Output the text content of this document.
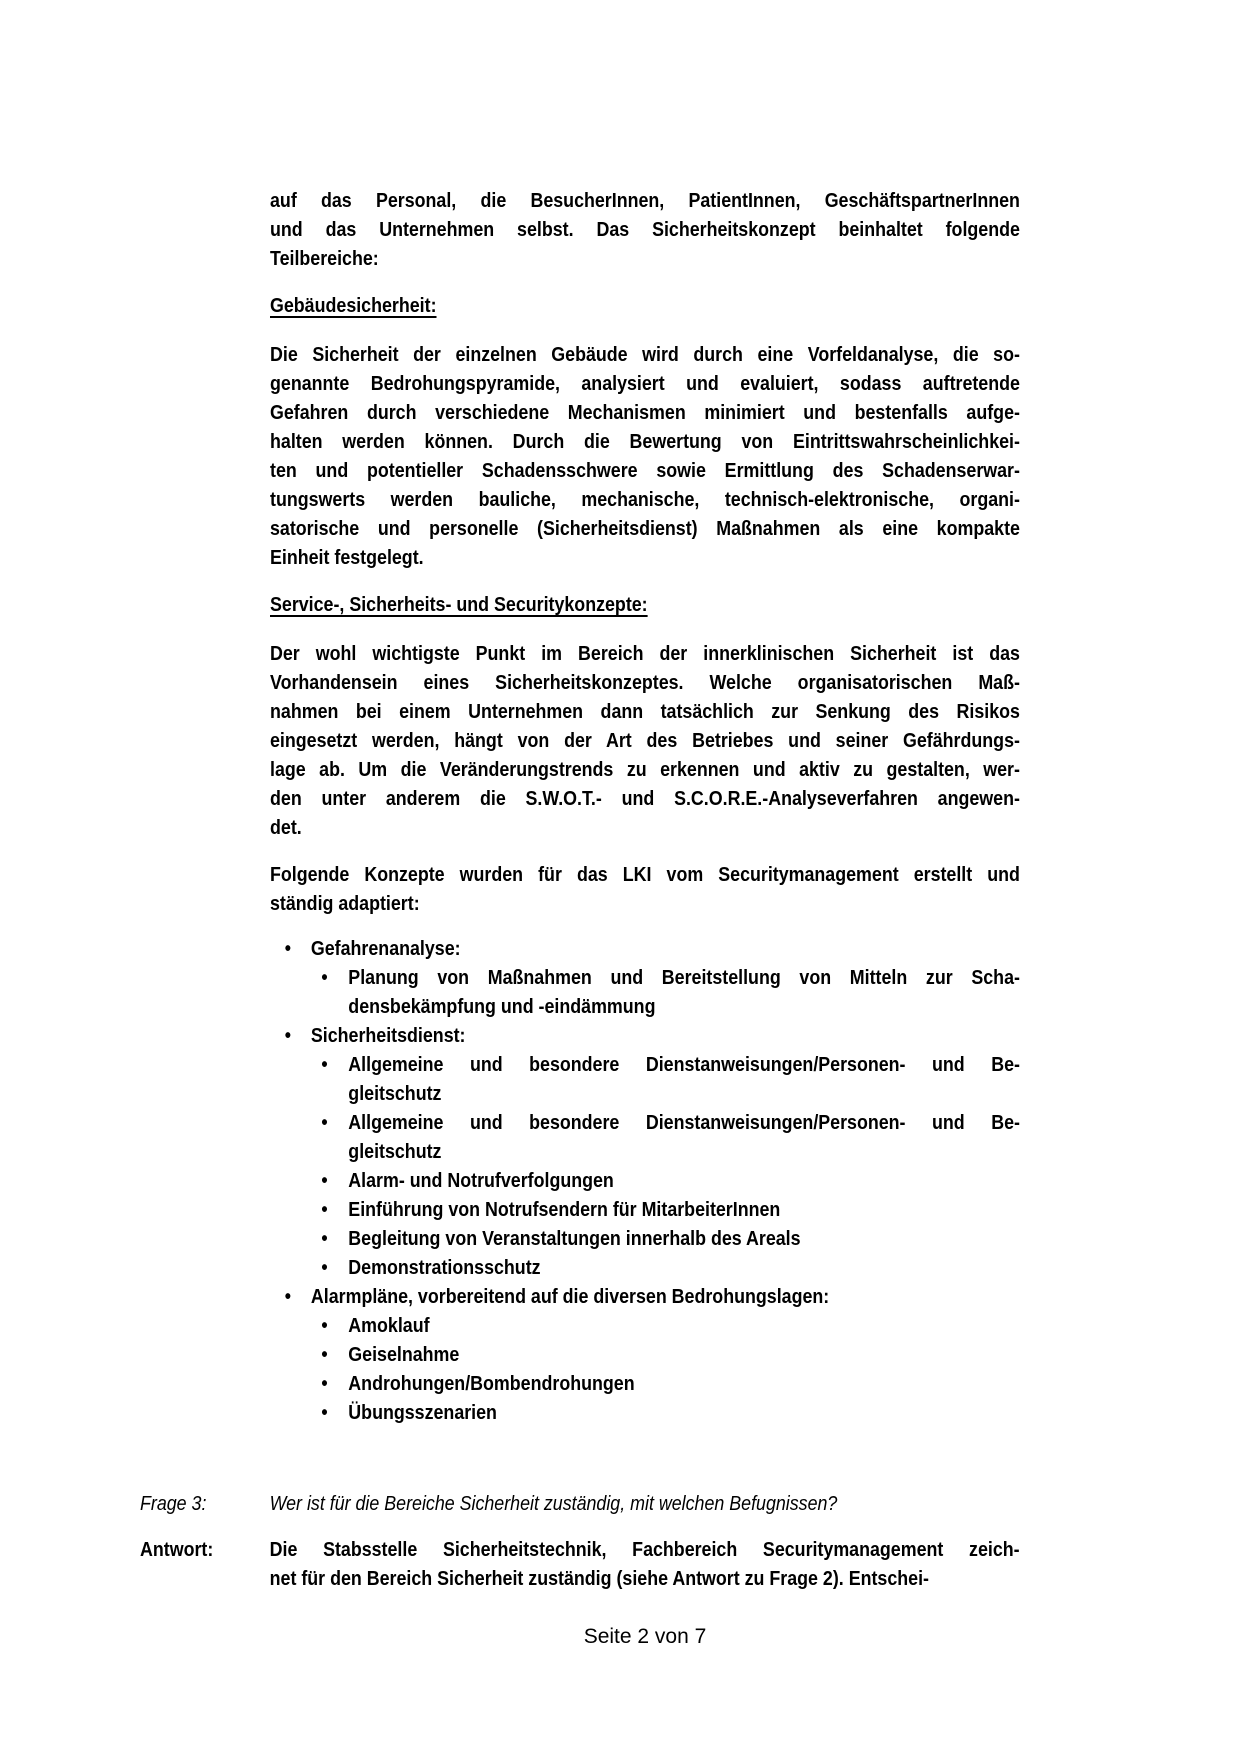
auf das Personal, die BesucherInnen, PatientInnen, GeschäftspartnerInnen
und das Unternehmen selbst. Das Sicherheitskonzept beinhaltet folgende
Teilbereiche:
Gebäudesicherheit:
Die Sicherheit der einzelnen Gebäude wird durch eine Vorfeldanalyse, die so-
genannte Bedrohungspyramide, analysiert und evaluiert, sodass auftretende
Gefahren durch verschiedene Mechanismen minimiert und bestenfalls aufge-
halten werden können. Durch die Bewertung von Eintrittswahrscheinlichkei-
ten und potentieller Schadensschwere sowie Ermittlung des Schadenserwar-
tungswerts werden bauliche, mechanische, technisch-elektronische, organi-
satorische und personelle (Sicherheitsdienst) Maßnahmen als eine kompakte
Einheit festgelegt.
Service-, Sicherheits- und Securitykonzepte:
Der wohl wichtigste Punkt im Bereich der innerklinischen Sicherheit ist das
Vorhandensein eines Sicherheitskonzeptes. Welche organisatorischen Maß-
nahmen bei einem Unternehmen dann tatsächlich zur Senkung des Risikos
eingesetzt werden, hängt von der Art des Betriebes und seiner Gefährdungs-
lage ab. Um die Veränderungstrends zu erkennen und aktiv zu gestalten, wer-
den unter anderem die S.W.O.T.- und S.C.O.R.E.-Analyseverfahren angewen-
det.
Folgende Konzepte wurden für das LKI vom Securitymanagement erstellt und
ständig adaptiert:
• Gefahrenanalyse:
•	Planung von Maßnahmen und Bereitstellung von Mitteln zur Scha-
densbekämpfung und -eindämmung
• Sicherheitsdienst:
•	Allgemeine und besondere Dienstanweisungen/Personen- und Be-
gleitschutz
•	Allgemeine und besondere Dienstanweisungen/Personen- und Be-
gleitschutz
•	Alarm- und Notrufverfolgungen
•	Einführung von Notrufsendern für MitarbeiterInnen
•	Begleitung von Veranstaltungen innerhalb des Areals
•	Demonstrationsschutz
• Alarmpläne, vorbereitend auf die diversen Bedrohungslagen:
•	Amoklauf
•	Geiselnahme
•	Androhungen/Bombendrohungen
•	Übungsszenarien
Frage 3:	Wer ist für die Bereiche Sicherheit zuständig, mit welchen Befugnissen?
Antwort:	Die Stabsstelle Sicherheitstechnik, Fachbereich Securitymanagement zeich-
net für den Bereich Sicherheit zuständig (siehe Antwort zu Frage 2). Entschei-
Seite 2 von 7
